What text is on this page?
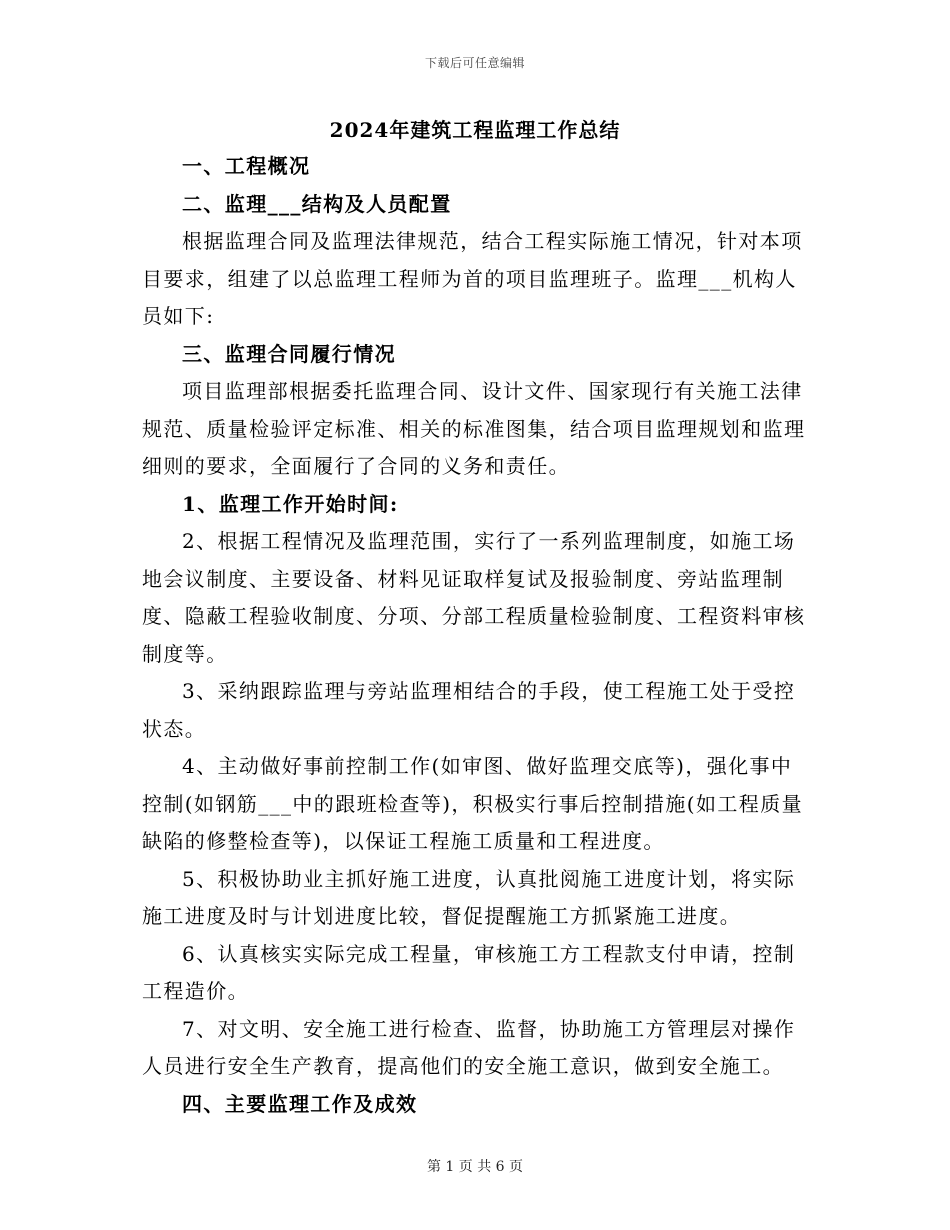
下载后可任意编辑
2024年建筑工程监理工作总结

一、工程概况

二、监理___结构及人员配置

根据监理合同及监理法律规范，结合工程实际施工情况，针对本项目要求，组建了以总监理工程师为首的项目监理班子。监理___机构人员如下:

三、监理合同履行情况

项目监理部根据委托监理合同、设计文件、国家现行有关施工法律规范、质量检验评定标准、相关的标准图集，结合项目监理规划和监理细则的要求，全面履行了合同的义务和责任。

1、监理工作开始时间:

2、根据工程情况及监理范围，实行了一系列监理制度，如施工场地会议制度、主要设备、材料见证取样复试及报验制度、旁站监理制度、隐蔽工程验收制度、分项、分部工程质量检验制度、工程资料审核制度等。

3、采纳跟踪监理与旁站监理相结合的手段，使工程施工处于受控状态。

4、主动做好事前控制工作(如审图、做好监理交底等)，强化事中控制(如钢筋___中的跟班检查等)，积极实行事后控制措施(如工程质量缺陷的修整检查等)，以保证工程施工质量和工程进度。

5、积极协助业主抓好施工进度，认真批阅施工进度计划，将实际施工进度及时与计划进度比较，督促提醒施工方抓紧施工进度。

6、认真核实实际完成工程量，审核施工方工程款支付申请，控制工程造价。

7、对文明、安全施工进行检查、监督，协助施工方管理层对操作人员进行安全生产教育，提高他们的安全施工意识，做到安全施工。

四、主要监理工作及成效

第 1 页 共 6 页
